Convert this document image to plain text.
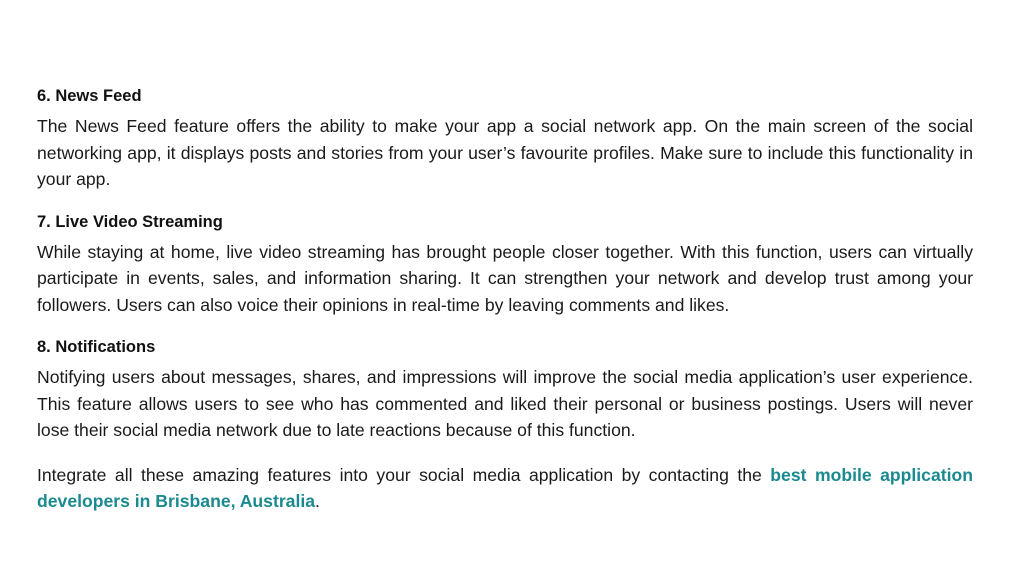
6. News Feed

The News Feed feature offers the ability to make your app a social network app. On the main screen of the social networking app, it displays posts and stories from your user’s favourite profiles. Make sure to include this functionality in your app.

7. Live Video Streaming

While staying at home, live video streaming has brought people closer together. With this function, users can virtually participate in events, sales, and information sharing. It can strengthen your network and develop trust among your followers. Users can also voice their opinions in real-time by leaving comments and likes.

8. Notifications

Notifying users about messages, shares, and impressions will improve the social media application’s user experience. This feature allows users to see who has commented and liked their personal or business postings. Users will never lose their social media network due to late reactions because of this function.

Integrate all these amazing features into your social media application by contacting the best mobile application developers in Brisbane, Australia.
